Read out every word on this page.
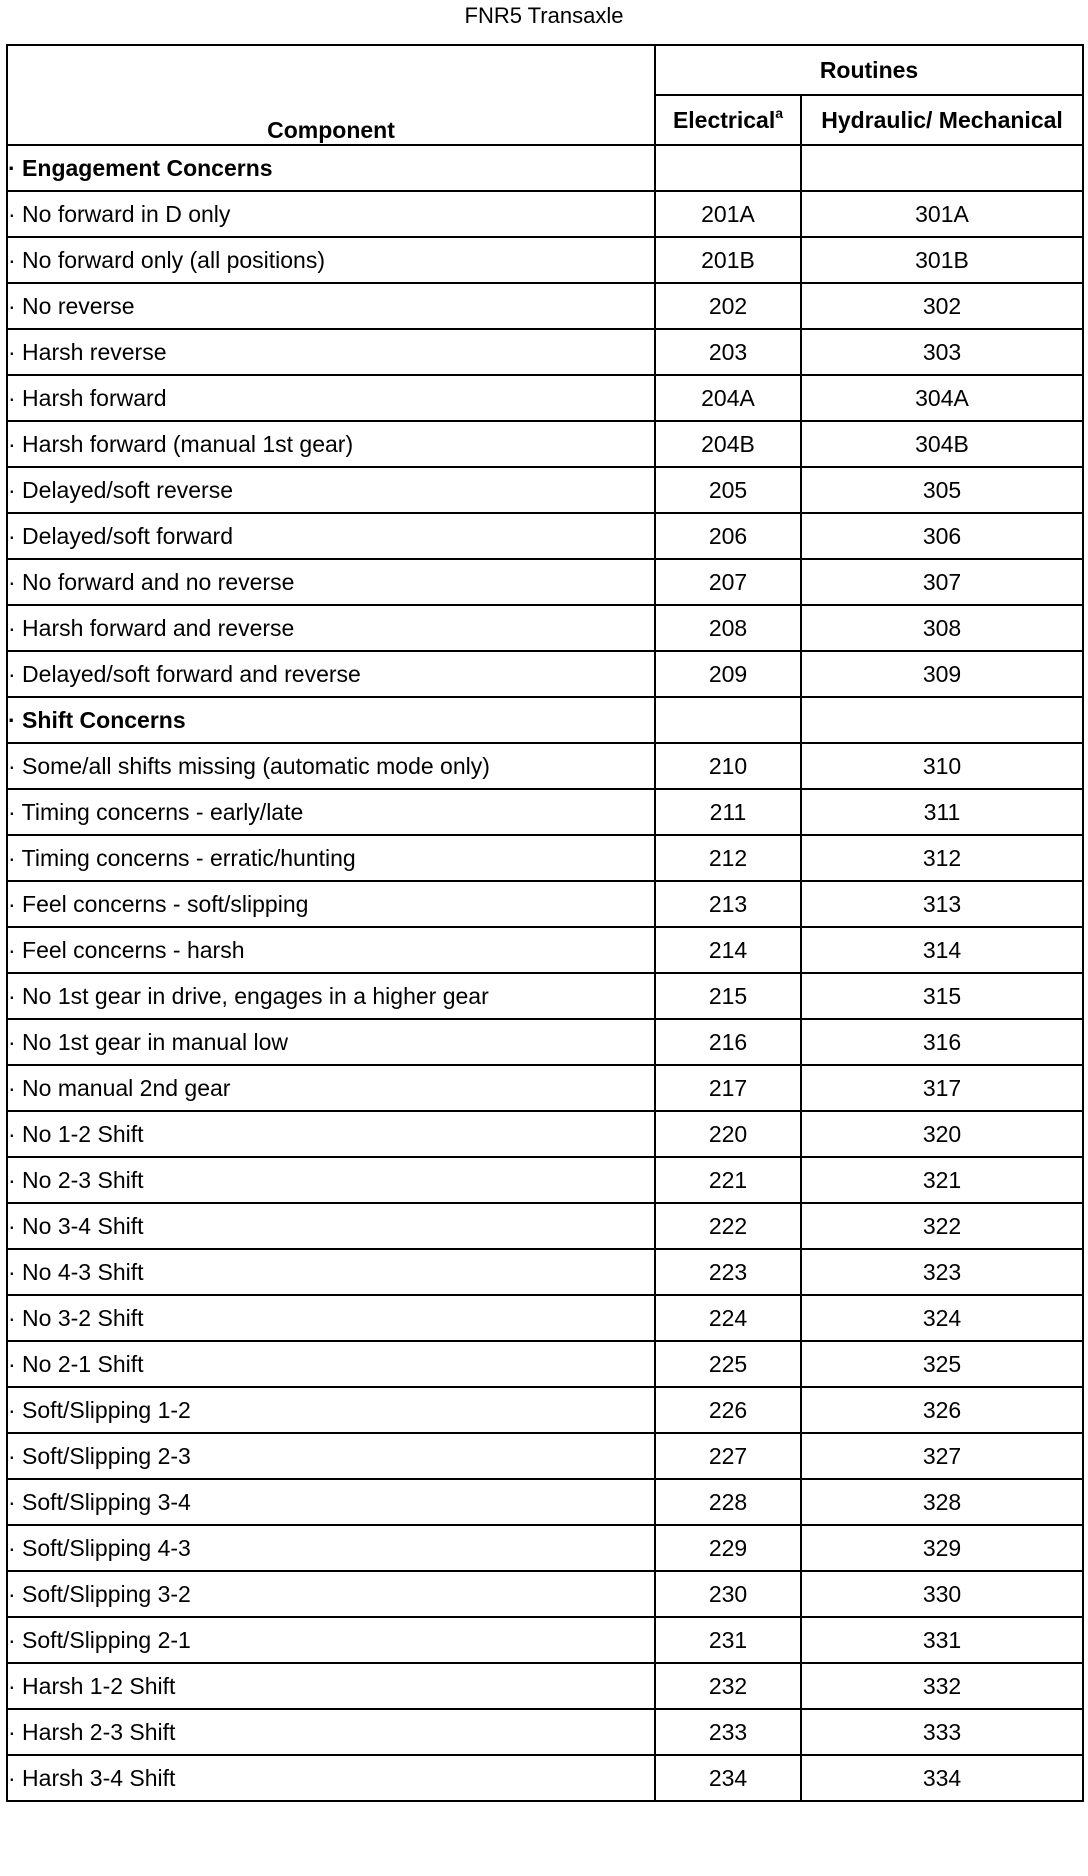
FNR5 Transaxle
Component	Routines	
	Electrical$^a$	Hydraulic/ Mechanical
· Engagement Concerns		
· No forward in D only	201A	301A
· No forward only (all positions)	201B	301B
· No reverse	202	302
· Harsh reverse	203	303
· Harsh forward	204A	304A
· Harsh forward (manual 1st gear)	204B	304B
· Delayed/soft reverse	205	305
· Delayed/soft forward	206	306
· No forward and no reverse	207	307
· Harsh forward and reverse	208	308
· Delayed/soft forward and reverse	209	309
· Shift Concerns		
· Some/all shifts missing (automatic mode only)	210	310
· Timing concerns - early/late	211	311
· Timing concerns - erratic/hunting	212	312
· Feel concerns - soft/slipping	213	313
· Feel concerns - harsh	214	314
· No 1st gear in drive, engages in a higher gear	215	315
· No 1st gear in manual low	216	316
· No manual 2nd gear	217	317
· No 1-2 Shift	220	320
· No 2-3 Shift	221	321
· No 3-4 Shift	222	322
· No 4-3 Shift	223	323
· No 3-2 Shift	224	324
· No 2-1 Shift	225	325
· Soft/Slipping 1-2	226	326
· Soft/Slipping 2-3	227	327
· Soft/Slipping 3-4	228	328
· Soft/Slipping 4-3	229	329
· Soft/Slipping 3-2	230	330
· Soft/Slipping 2-1	231	331
· Harsh 1-2 Shift	232	332
· Harsh 2-3 Shift	233	333
· Harsh 3-4 Shift	234	334
